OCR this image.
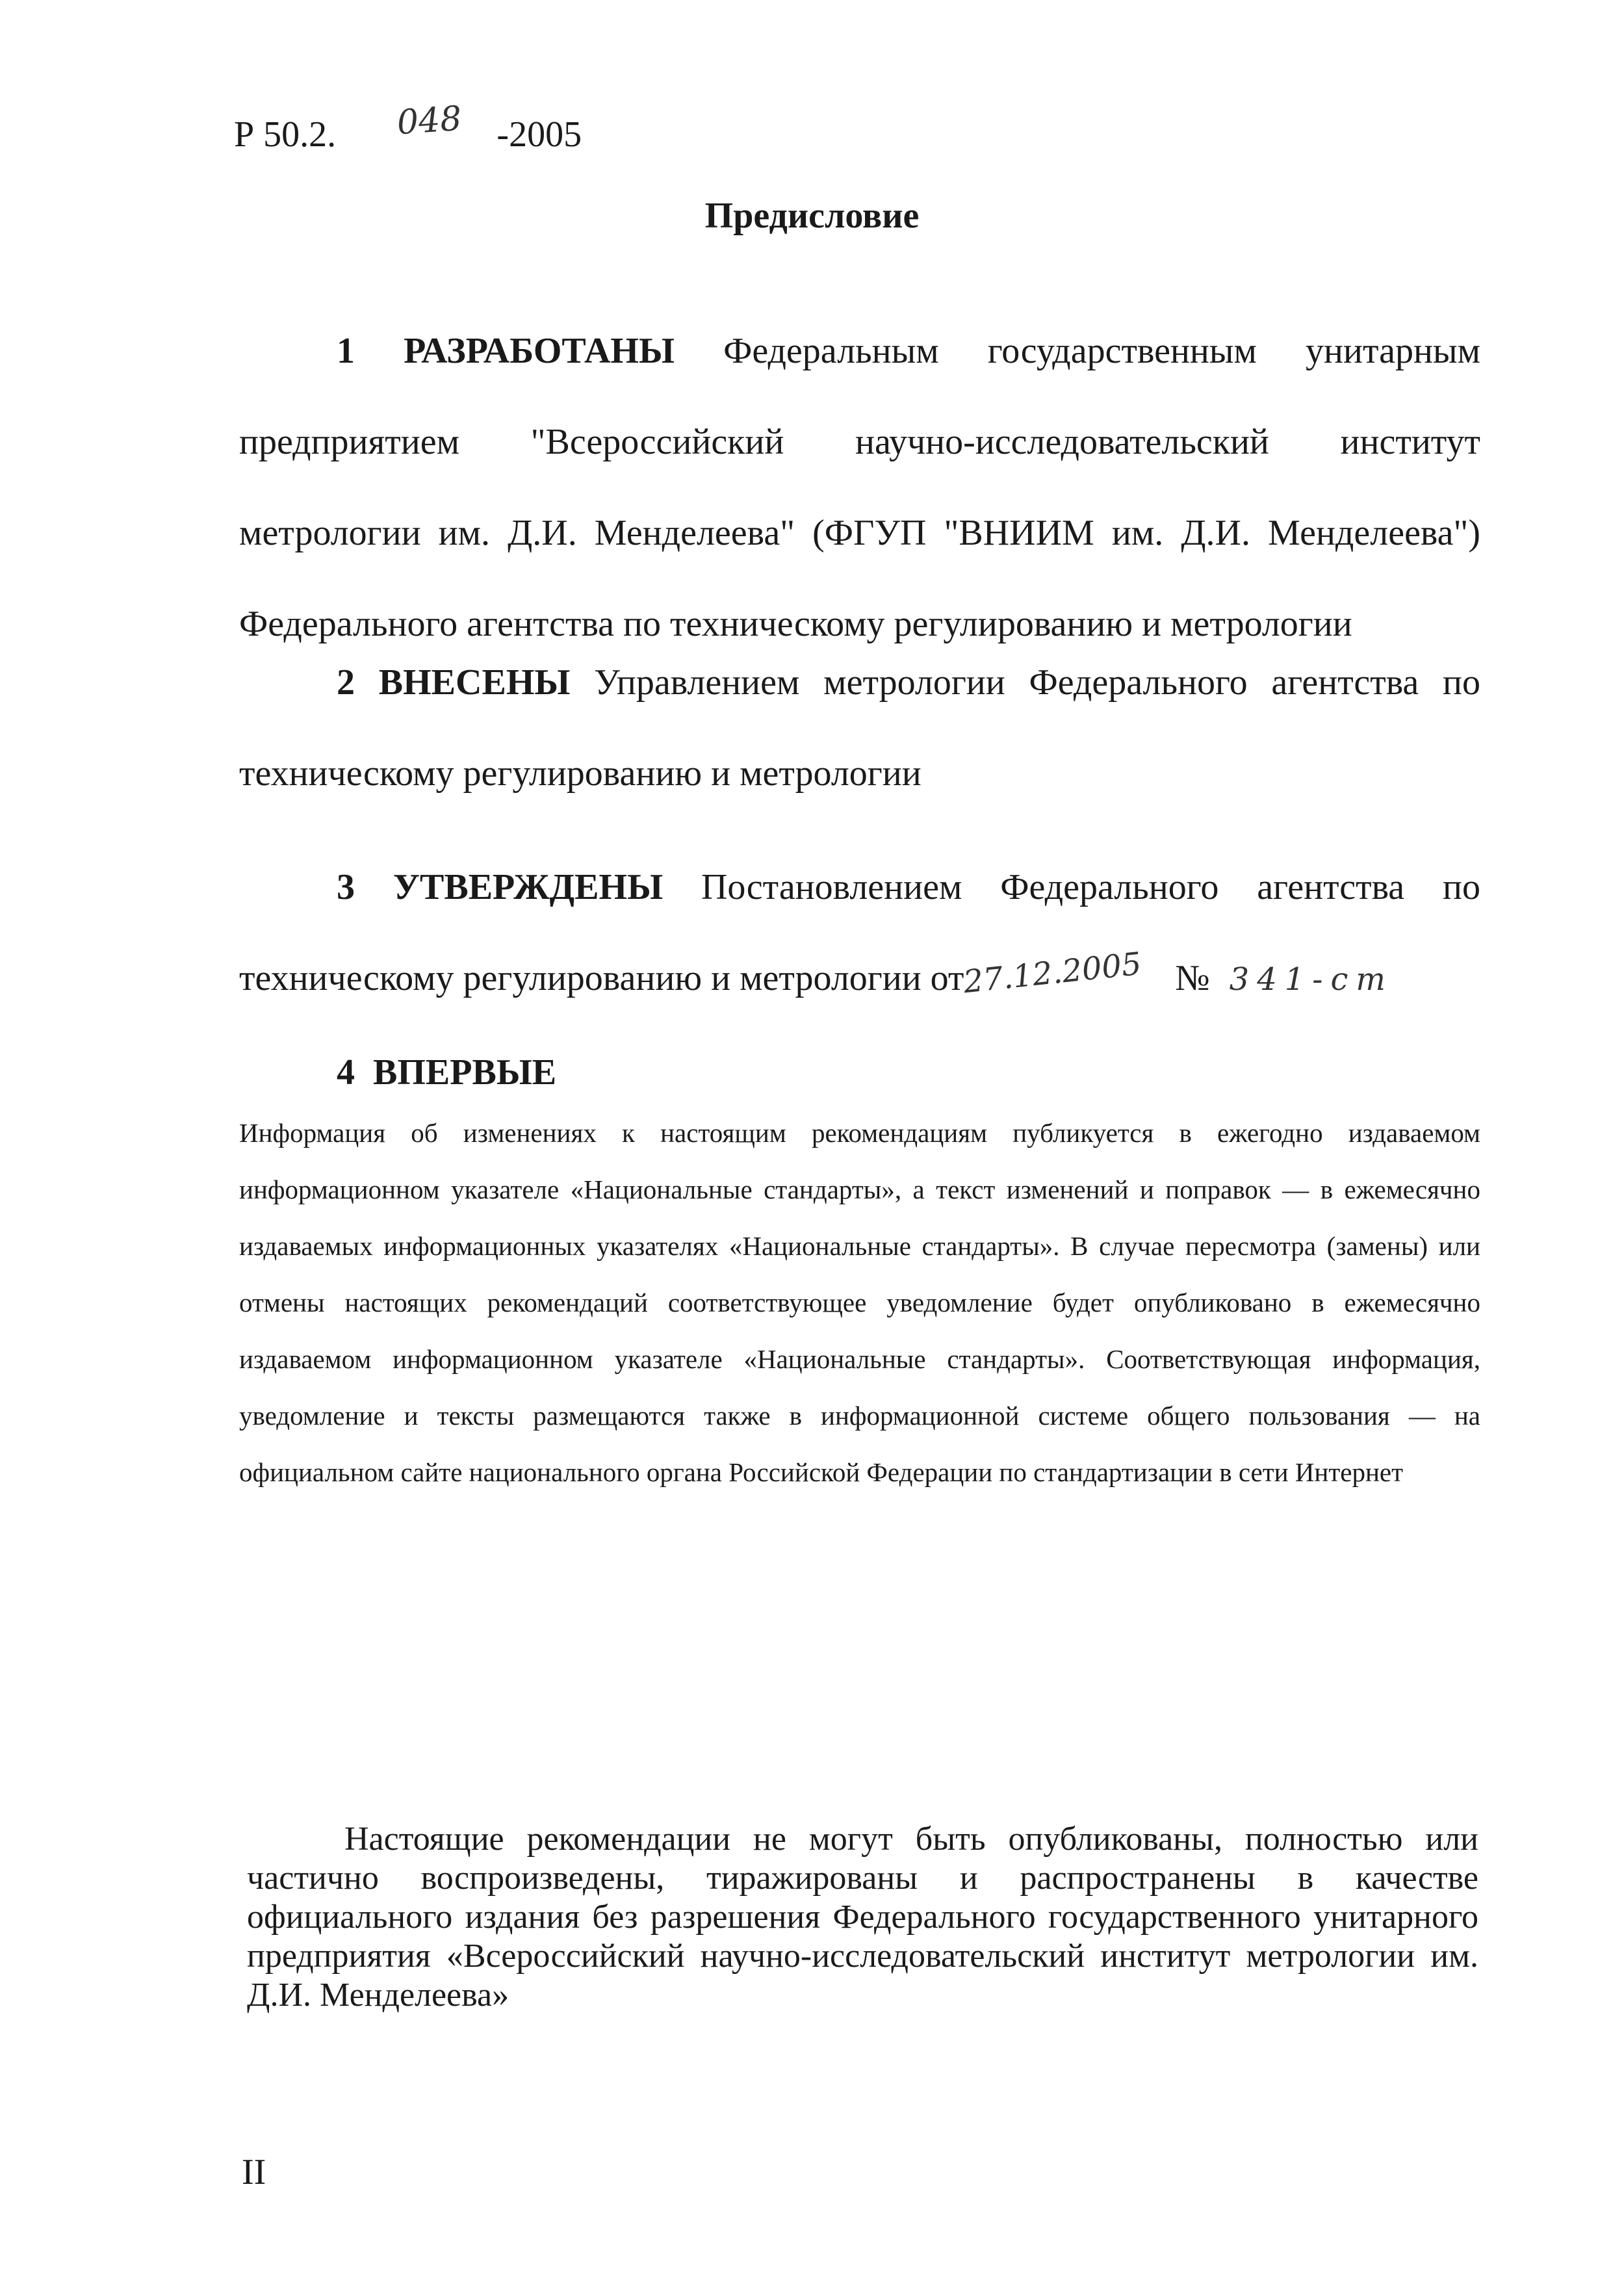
Р 50.2. 048 -2005
Предисловие
1 РАЗРАБОТАНЫ Федеральным государственным унитарным предприятием "Всероссийский научно-исследовательский институт метрологии им. Д.И. Менделеева" (ФГУП "ВНИИМ им. Д.И. Менделеева") Федерального агентства по техническому регулированию и метрологии
2 ВНЕСЕНЫ Управлением метрологии Федерального агентства по техническому регулированию и метрологии
3 УТВЕРЖДЕНЫ Постановлением Федерального агентства по техническому регулированию и метрологии от27.12.2005 № 341-ст
4 ВПЕРВЫЕ
Информация об изменениях к настоящим рекомендациям публикуется в ежегодно издаваемом информационном указателе «Национальные стандарты», а текст изменений и поправок — в ежемесячно издаваемых информационных указателях «Национальные стандарты». В случае пересмотра (замены) или отмены настоящих рекомендаций соответствующее уведомление будет опубликовано в ежемесячно издаваемом информационном указателе «Национальные стандарты». Соответствующая информация, уведомление и тексты размещаются также в информационной системе общего пользования — на официальном сайте национального органа Российской Федерации по стандартизации в сети Интернет
Настоящие рекомендации не могут быть опубликованы, полностью или частично воспроизведены, тиражированы и распространены в качестве официального издания без разрешения Федерального государственного унитарного предприятия «Всероссийский научно-исследовательский институт метрологии им. Д.И. Менделеева»
II
